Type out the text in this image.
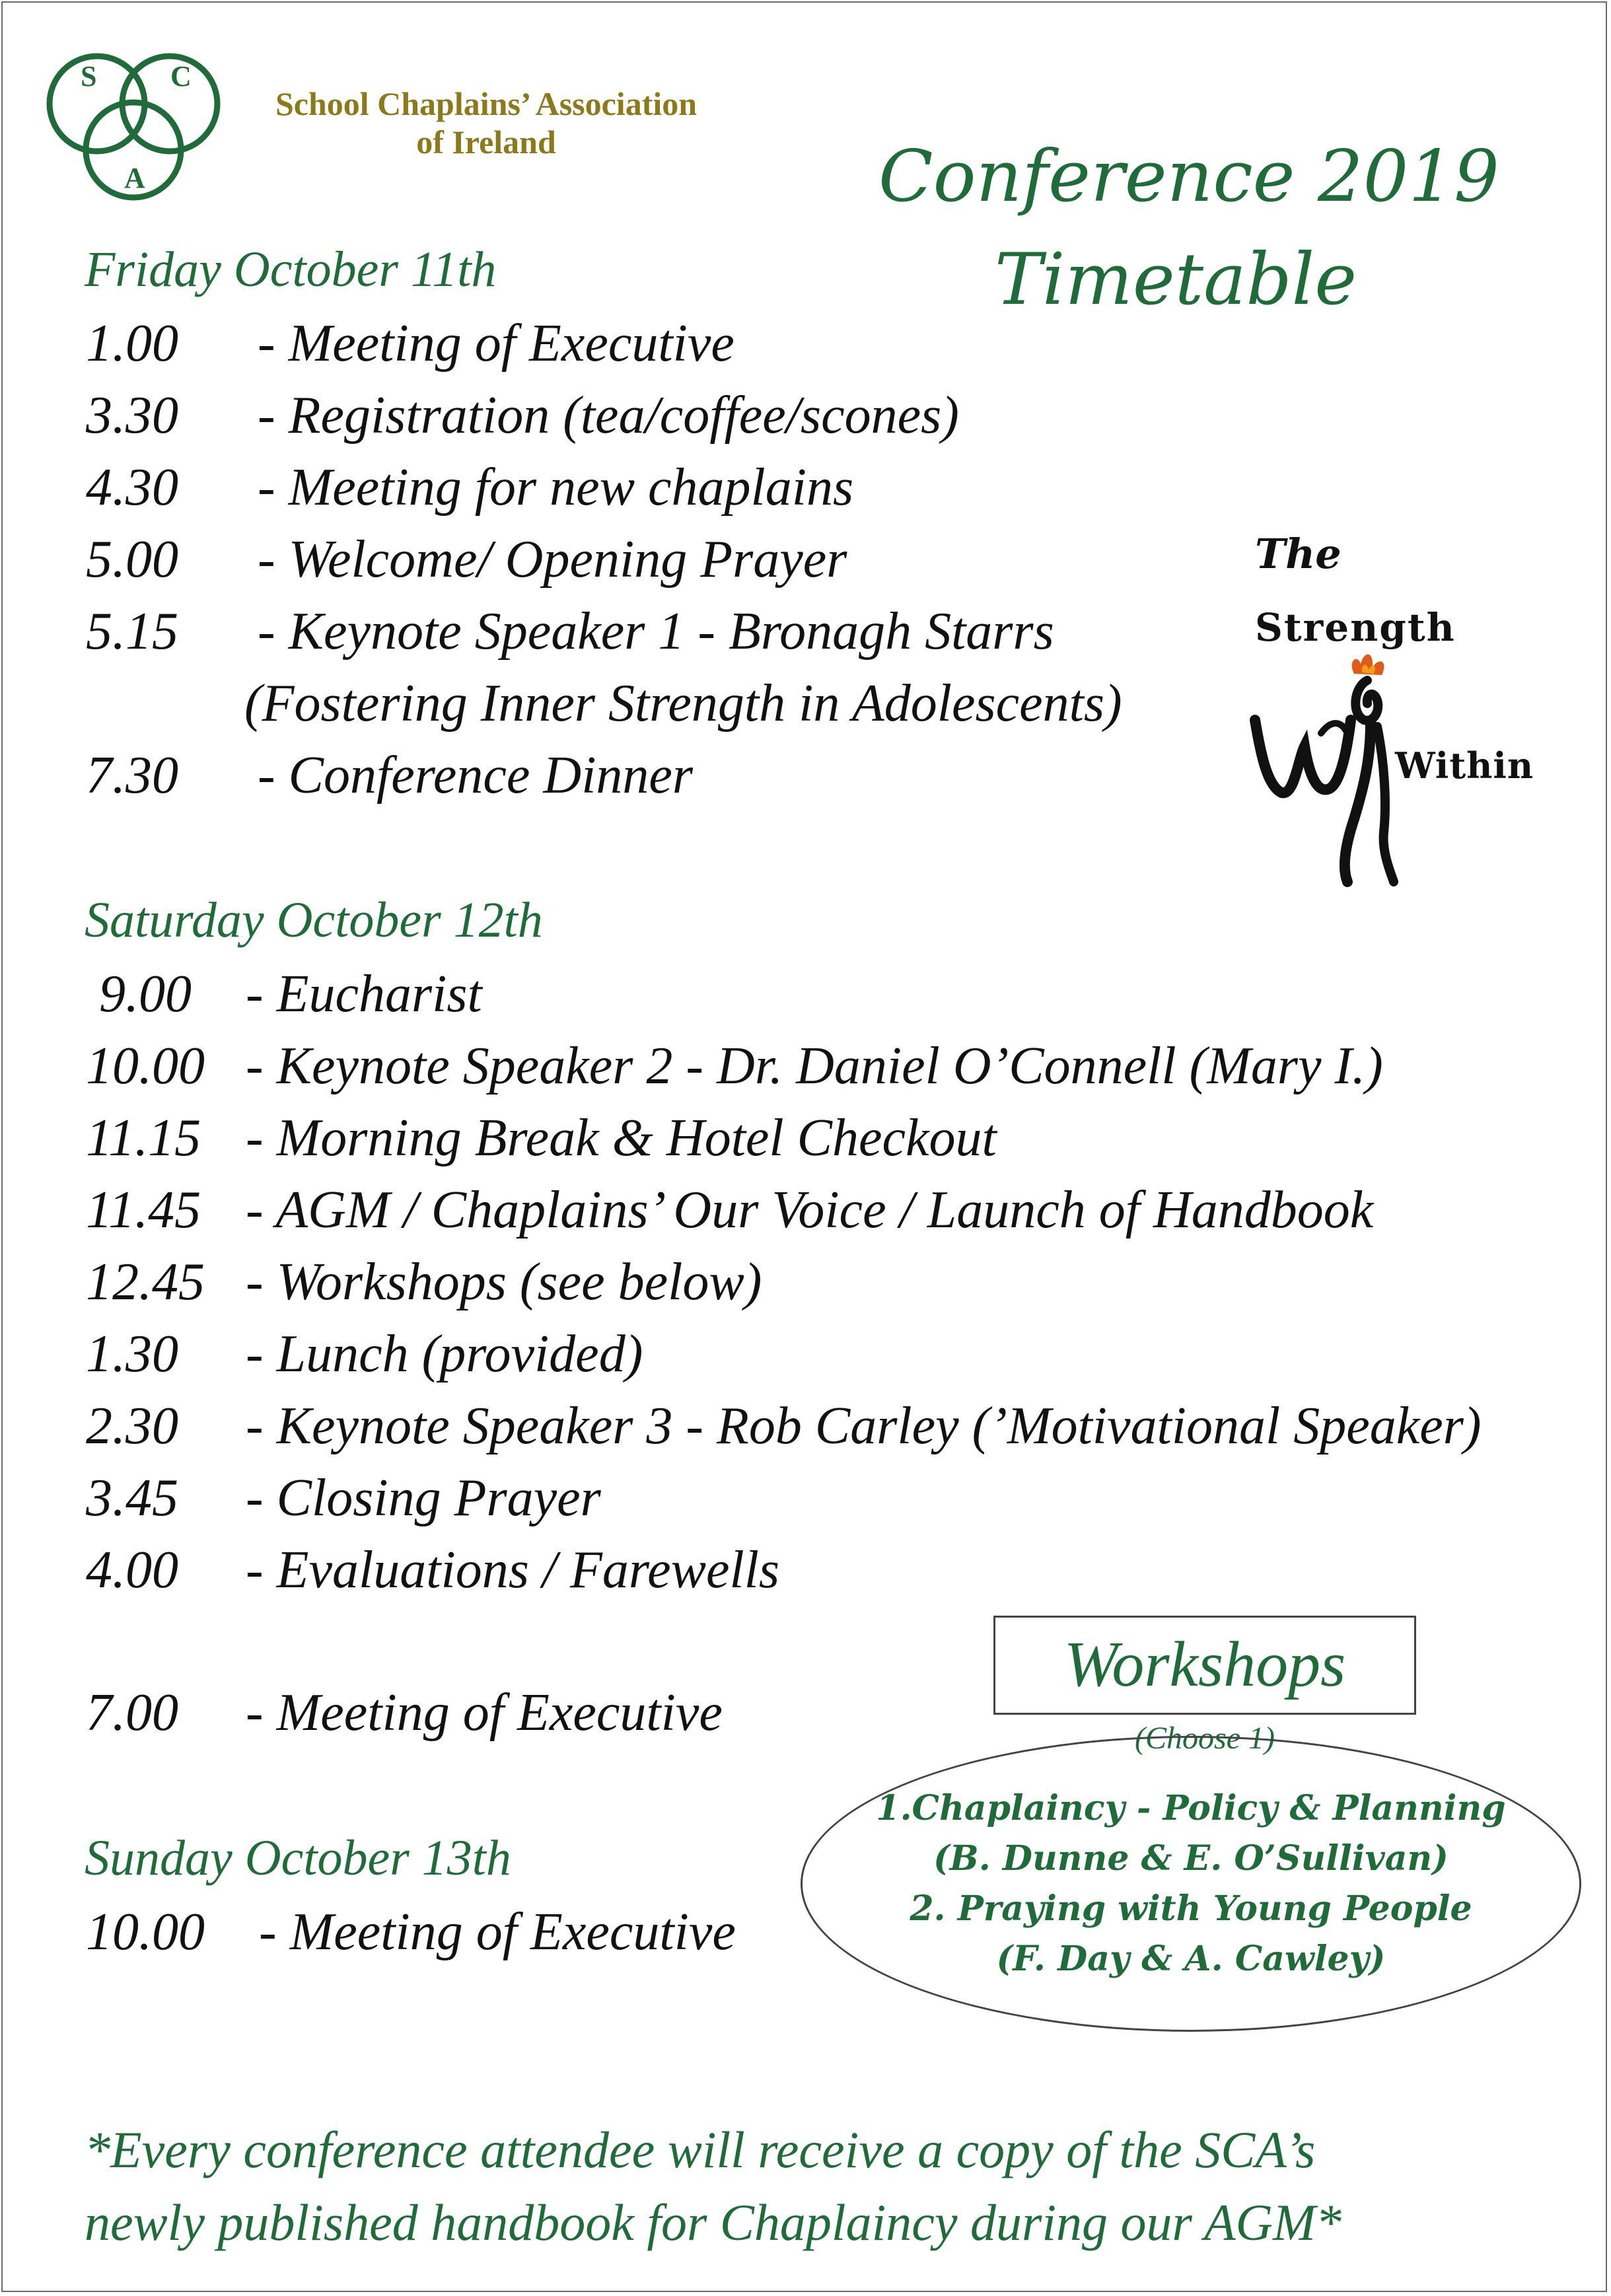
S	C
A
School Chaplains’ Association
of Ireland	Conference 2019
Timetable
Friday October 11th
1.00 - Meeting of Executive
3.30 - Registration (tea/coffee/scones)
4.30 - Meeting for new chaplains
5.00 - Welcome/ Opening Prayer
5.15 - Keynote Speaker 1 - Bronagh Starrs
(Fostering Inner Strength in Adolescents)
7.30 - Conference Dinner
The
Strength
Within
Saturday October 12th
9.00 - Eucharist
10.00 - Keynote Speaker 2 - Dr. Daniel O’Connell (Mary I.)
11.15 - Morning Break & Hotel Checkout
11.45 - AGM / Chaplains’ Our Voice / Launch of Handbook
12.45 - Workshops (see below)
1.30 - Lunch (provided)
2.30 - Keynote Speaker 3 - Rob Carley (’Motivational Speaker)
3.45 - Closing Prayer
4.00 - Evaluations / Farewells
7.00 - Meeting of Executive
Sunday October 13th
10.00 - Meeting of Executive
Workshops
(Choose 1)
1.Chaplaincy - Policy & Planning
(B. Dunne & E. O’Sullivan)
2. Praying with Young People
(F. Day & A. Cawley)
*Every conference attendee will receive a copy of the SCA’s
newly published handbook for Chaplaincy during our AGM*
